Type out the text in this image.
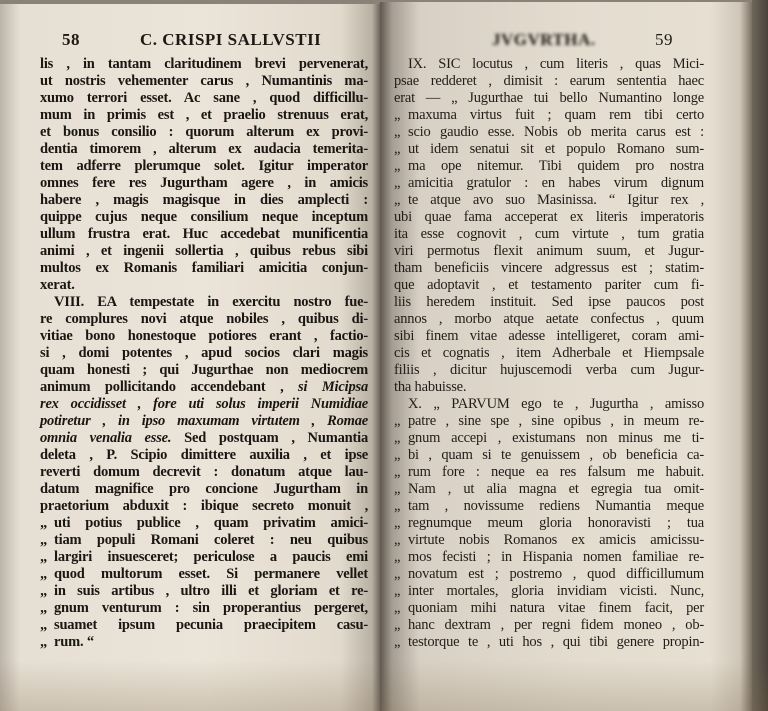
58	C. CRISPI SALLVSTII	JVGVRTHA.	59
lis , in tantam claritudinem brevi pervenerat,
ut nostris vehementer carus , Numantinis ma-
xumo terrori esset. Ac sane , quod difficillu-
mum in primis est , et praelio strenuus erat,
et bonus consilio : quorum alterum ex provi-
dentia timorem , alterum ex audacia temerita-
tem adferre plerumque solet. Igitur imperator
omnes fere res Jugurtham agere , in amicis
habere , magis magisque in dies amplecti :
quippe cujus neque consilium neque inceptum
ullum frustra erat. Huc accedebat munificentia
animi , et ingenii sollertia , quibus rebus sibi
multos ex Romanis familiari amicitia conjun-
xerat.
VIII. EA tempestate in exercitu nostro fue-
re complures novi atque nobiles , quibus di-
vitiae bono honestoque potiores erant , factio-
si , domi potentes , apud socios clari magis
quam honesti ; qui Jugurthae non mediocrem
animum pollicitando accendebant , si Micipsa
rex occidisset , fore uti solus imperii Numidiae
potiretur , in ipso maxumam virtutem , Romae
omnia venalia esse. Sed postquam , Numantia
deleta , P. Scipio dimittere auxilia , et ipse
reverti domum decrevit : donatum atque lau-
datum magnifice pro concione Jugurtham in
praetorium abduxit : ibique secreto monuit ,
„ uti potius publice , quam privatim amici-
„ tiam populi Romani coleret : neu quibus
„ largiri insuesceret; periculose a paucis emi
„ quod multorum esset. Si permanere vellet
„ in suis artibus , ultro illi et gloriam et re-
„ gnum venturum : sin properantius pergeret,
„ suamet ipsum pecunia praecipitem casu-
„ rum. “
IX. SIC locutus , cum literis , quas Mici-
psae redderet , dimisit : earum sententia haec
erat — „ Jugurthae tui bello Numantino longe
„ maxuma virtus fuit ; quam rem tibi certo
„ scio gaudio esse. Nobis ob merita carus est :
„ ut idem senatui sit et populo Romano sum-
„ ma ope nitemur. Tibi quidem pro nostra
„ amicitia gratulor : en habes virum dignum
„ te atque avo suo Masinissa. “ Igitur rex ,
ubi quae fama acceperat ex literis imperatoris
ita esse cognovit , cum virtute , tum gratia
viri permotus flexit animum suum, et Jugur-
tham beneficiis vincere adgressus est ; statim-
que adoptavit , et testamento pariter cum fi-
liis heredem instituit. Sed ipse paucos post
annos , morbo atque aetate confectus , quum
sibi finem vitae adesse intelligeret, coram ami-
cis et cognatis , item Adherbale et Hiempsale
filiis , dicitur hujuscemodi verba cum Jugur-
tha habuisse.
X. „ PARVUM ego te , Jugurtha , amisso
„ patre , sine spe , sine opibus , in meum re-
„ gnum accepi , existumans non minus me ti-
„ bi , quam si te genuissem , ob beneficia ca-
„ rum fore : neque ea res falsum me habuit.
„ Nam , ut alia magna et egregia tua omit-
„ tam , novissume rediens Numantia meque
„ regnumque meum gloria honoravisti ; tua
„ virtute nobis Romanos ex amicis amicissu-
„ mos fecisti ; in Hispania nomen familiae re-
„ novatum est ; postremo , quod difficillumum
„ inter mortales, gloria invidiam vicisti. Nunc,
„ quoniam mihi natura vitae finem facit, per
„ hanc dextram , per regni fidem moneo , ob-
„ testorque te , uti hos , qui tibi genere propin-
